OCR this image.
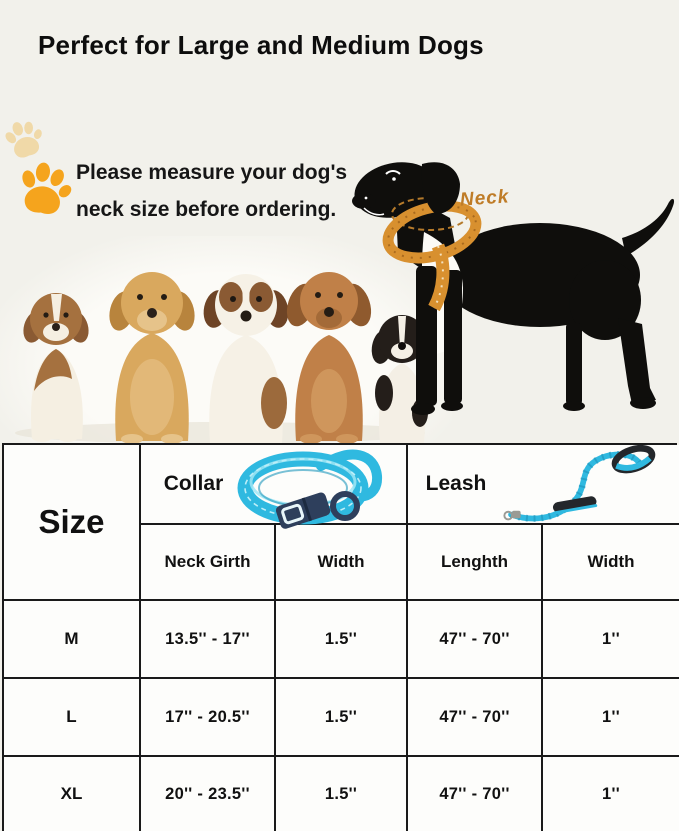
Perfect for Large and Medium Dogs
Please measure your dog's
neck size before ordering.	Neck
Size
Collar	Leash
Neck Girth	Width	Lenghth	Width
M	13.5'' - 17''	1.5''	47'' - 70''	1''
L	17'' - 20.5''	1.5''	47'' - 70''	1''
XL	20'' - 23.5''	1.5''	47'' - 70''	1''
